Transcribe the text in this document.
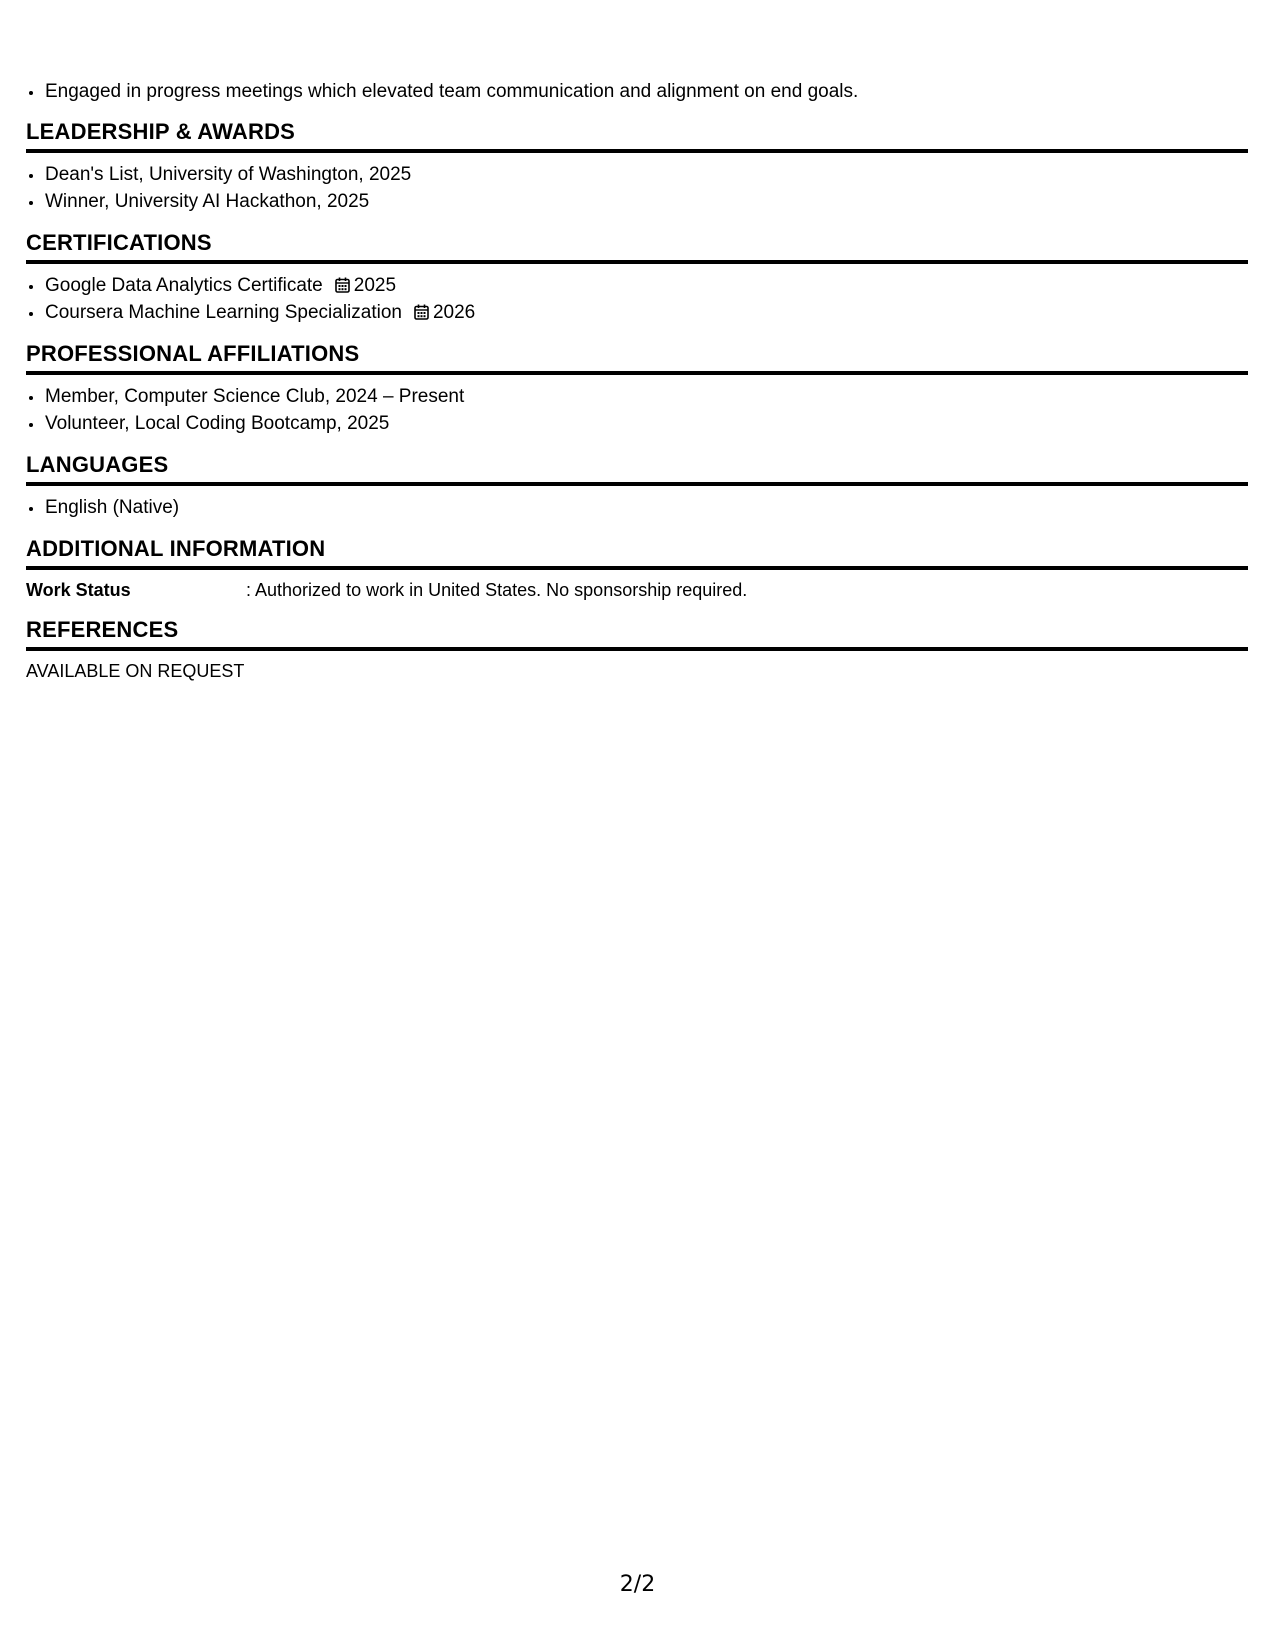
• Engaged in progress meetings which elevated team communication and alignment on end goals.
LEADERSHIP & AWARDS
• Dean's List, University of Washington, 2025
• Winner, University AI Hackathon, 2025
CERTIFICATIONS
• Google Data Analytics Certificate 2025
• Coursera Machine Learning Specialization 2026
PROFESSIONAL AFFILIATIONS
• Member, Computer Science Club, 2024 – Present
• Volunteer, Local Coding Bootcamp, 2025
LANGUAGES
• English (Native)
ADDITIONAL INFORMATION
Work Status	: Authorized to work in United States. No sponsorship required.
REFERENCES
AVAILABLE ON REQUEST
2/2
